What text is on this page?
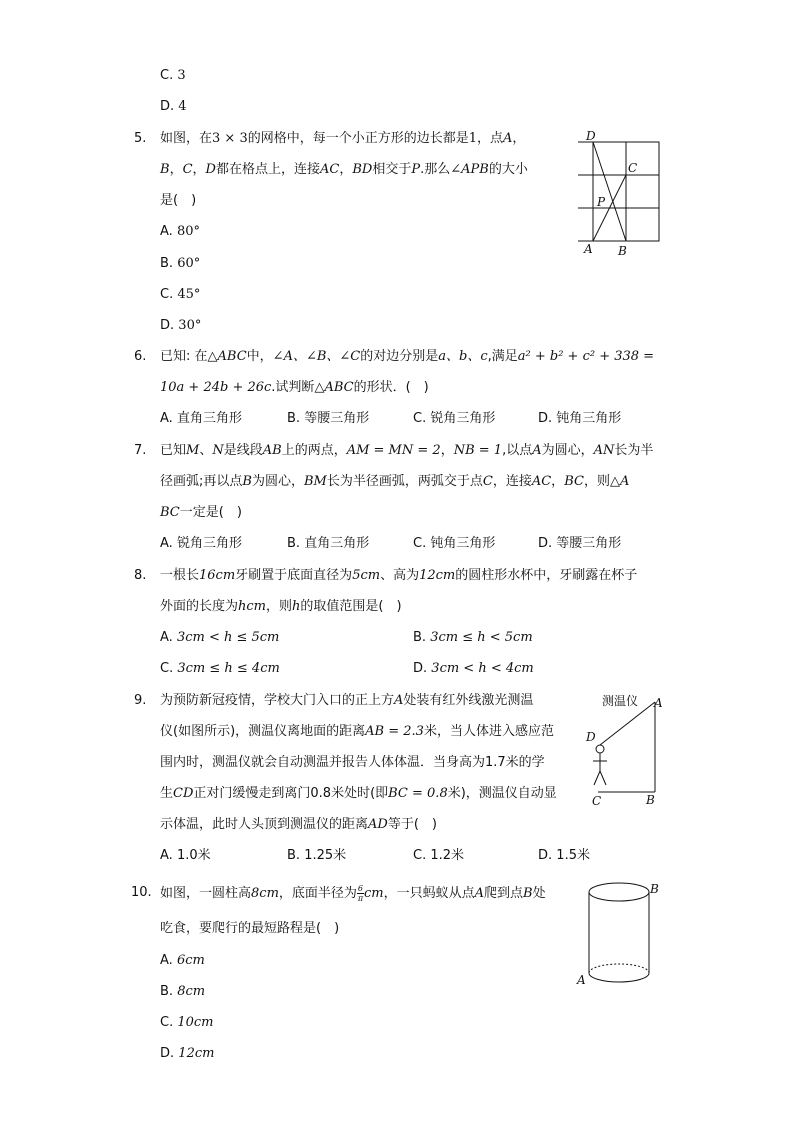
C. 3
D. 4
5. 如图，在3 × 3的网格中，每一个小正方形的边长都是1，点A，
B，C，D都在格点上，连接AC，BD相交于P.那么∠APB的大小
是(　)
A. 80°
B. 60°
C. 45°
D. 30°
D
C
P
A B
6. 已知: 在△ABC中，∠A、∠B、∠C的对边分别是a、b、c,满足a² + b² + c² + 338 =
10a + 24b + 26c.试判断△ABC的形状．(　)
A. 直角三角形	B. 等腰三角形	C. 锐角三角形	D. 钝角三角形
7. 已知M、N是线段AB上的两点，AM = MN = 2，NB = 1,以点A为圆心，AN长为半
径画弧;再以点B为圆心，BM长为半径画弧，两弧交于点C，连接AC，BC，则△A
BC一定是(　)
A. 锐角三角形	B. 直角三角形	C. 钝角三角形	D. 等腰三角形
8. 一根长16cm牙刷置于底面直径为5cm、高为12cm的圆柱形水杯中，牙刷露在杯子
外面的长度为hcm，则h的取值范围是(　)
A. 3cm < h ≤ 5cm	B. 3cm ≤ h < 5cm
C. 3cm ≤ h ≤ 4cm	D. 3cm < h < 4cm
9. 为预防新冠疫情，学校大门入口的正上方A处装有红外线激光测温
仪(如图所示)，测温仪离地面的距离AB = 2.3米，当人体进入感应范
围内时，测温仪就会自动测温并报告人体体温．当身高为1.7米的学
生CD正对门缓慢走到离门0.8米处时(即BC = 0.8米)，测温仪自动显
示体温，此时人头顶到测温仪的距离AD等于(　)
A. 1.0米	B. 1.25米	C. 1.2米	D. 1.5米
测温仪 A
D
C	B
10. 如图，一圆柱高8cm，底面半径为 $\frac{6}{\pi}$ cm，一只蚂蚁从点A爬到点B处
吃食，要爬行的最短路程是(　)
A. 6cm
B. 8cm
C. 10cm
D. 12cm
B
A
